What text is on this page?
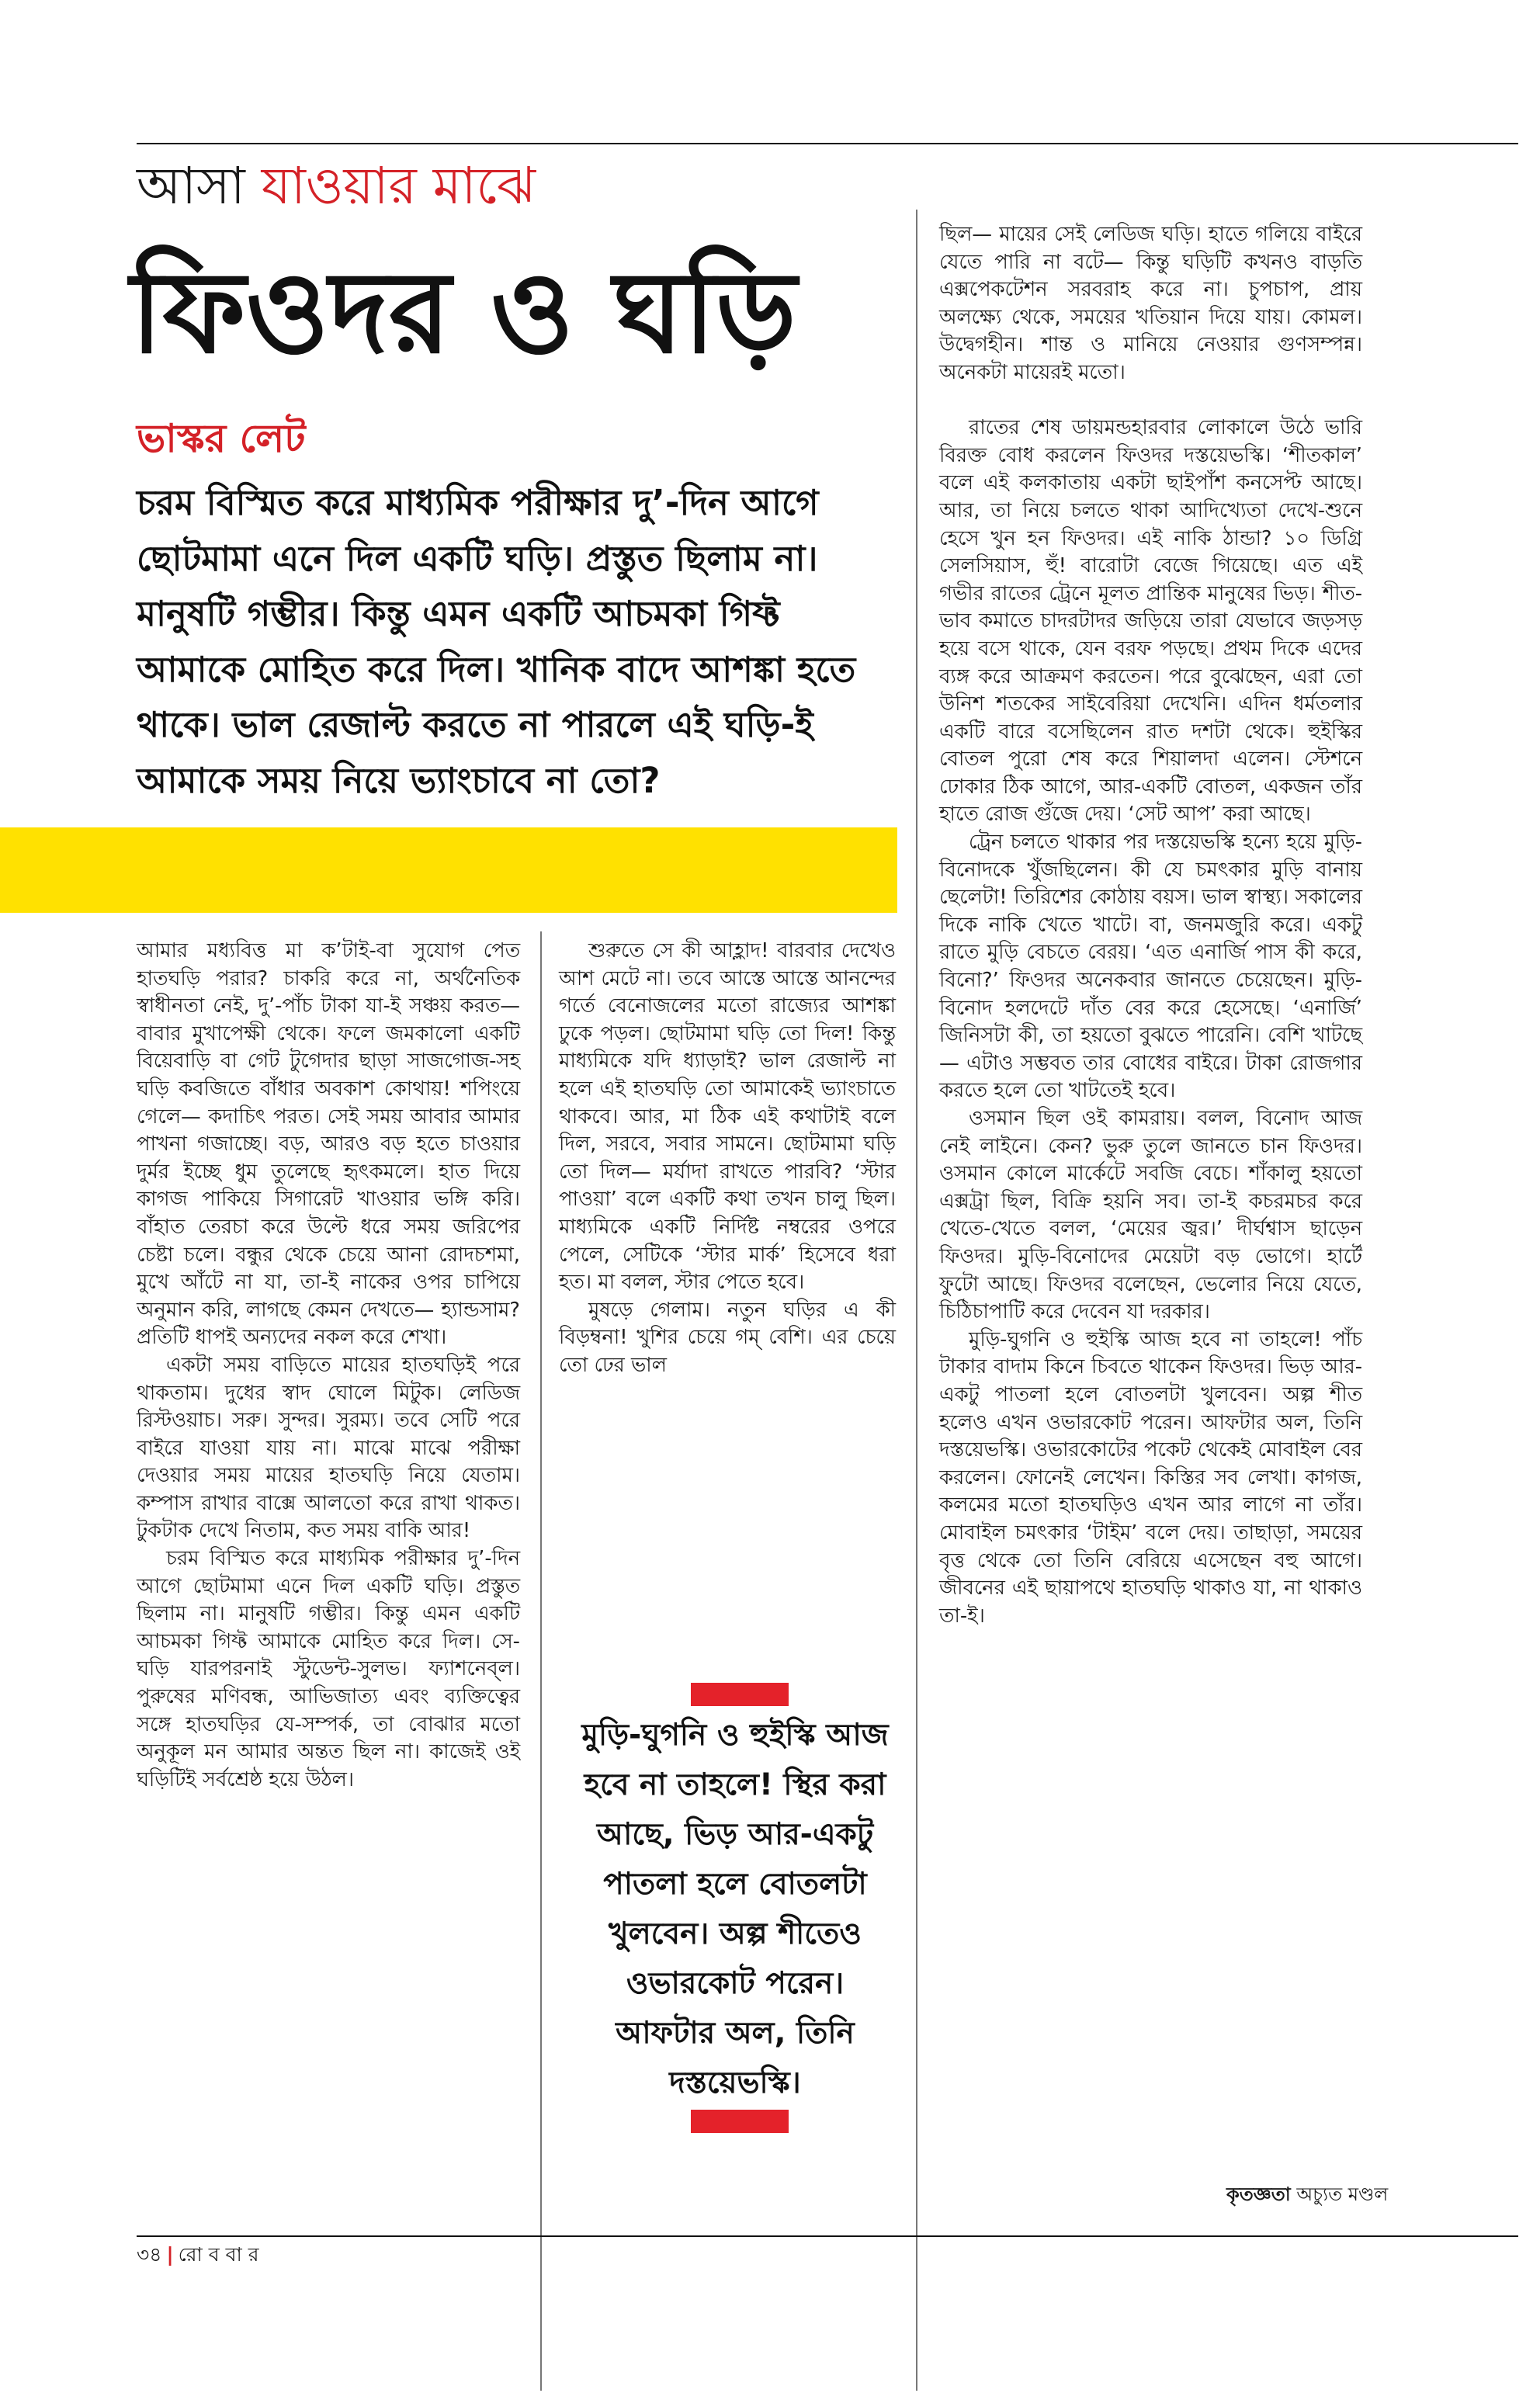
আসা যাওয়ার মাঝে
ফিওদর ও ঘড়ি
ভাস্কর লেট
চরম বিস্মিত করে মাধ্যমিক পরীক্ষার দু’-দিন আগে ছোটমামা এনে দিল একটি ঘড়ি। প্রস্তুত ছিলাম না। মানুষটি গম্ভীর। কিন্তু এমন একটি আচমকা গিফ্ট আমাকে মোহিত করে দিল। খানিক বাদে আশঙ্কা হতে থাকে। ভাল রেজাল্ট করতে না পারলে এই ঘড়ি-ই আমাকে সময় নিয়ে ভ্যাংচাবে না তো?

আমার মধ্যবিত্ত মা ক’টাই-বা সুযোগ পেত হাতঘড়ি পরার? চাকরি করে না, অর্থনৈতিক স্বাধীনতা নেই, দু’-পাঁচ টাকা যা-ই সঞ্চয় করত— বাবার মুখাপেক্ষী থেকে। ফলে জমকালো একটি বিয়েবাড়ি বা গেট টুগেদার ছাড়া সাজগোজ-সহ ঘড়ি কবজিতে বাঁধার অবকাশ কোথায়! শপিংয়ে গেলে— কদাচিৎ পরত। সেই সময় আবার আমার পাখনা গজাচ্ছে। বড়, আরও বড় হতে চাওয়ার দুর্মর ইচ্ছে ধুম তুলেছে হৃৎকমলে। হাত দিয়ে কাগজ পাকিয়ে সিগারেট খাওয়ার ভঙ্গি করি। বাঁহাত তেরচা করে উল্টে ধরে সময় জরিপের চেষ্টা চলে। বন্ধুর থেকে চেয়ে আনা রোদচশমা, মুখে আঁটে না যা, তা-ই নাকের ওপর চাপিয়ে অনুমান করি, লাগছে কেমন দেখতে— হ্যান্ডসাম? প্রতিটি ধাপই অন্যদের নকল করে শেখা।

একটা সময় বাড়িতে মায়ের হাতঘড়িই পরে থাকতাম। দুধের স্বাদ ঘোলে মিটুক। লেডিজ রিস্টওয়াচ। সরু। সুন্দর। সুরম্য। তবে সেটি পরে বাইরে যাওয়া যায় না। মাঝে মাঝে পরীক্ষা দেওয়ার সময় মায়ের হাতঘড়ি নিয়ে যেতাম। কম্পাস রাখার বাক্সে আলতো করে রাখা থাকত। টুকটাক দেখে নিতাম, কত সময় বাকি আর!

চরম বিস্মিত করে মাধ্যমিক পরীক্ষার দু’-দিন আগে ছোটমামা এনে দিল একটি ঘড়ি। প্রস্তুত ছিলাম না। মানুষটি গম্ভীর। কিন্তু এমন একটি আচমকা গিফ্ট আমাকে মোহিত করে দিল। সে-ঘড়ি যারপরনাই স্টুডেন্ট-সুলভ। ফ্যাশনেব্‌ল। পুরুষের মণিবন্ধ, আভিজাত্য এবং ব্যক্তিত্বের সঙ্গে হাতঘড়ির যে-সম্পর্ক, তা বোঝার মতো অনুকূল মন আমার অন্তত ছিল না। কাজেই ওই ঘড়িটিই সর্বশ্রেষ্ঠ হয়ে উঠল।

শুরুতে সে কী আহ্লাদ! বারবার দেখেও আশ মেটে না। তবে আস্তে আস্তে আনন্দের গর্তে বেনোজলের মতো রাজ্যের আশঙ্কা ঢুকে পড়ল। ছোটমামা ঘড়ি তো দিল! কিন্তু মাধ্যমিকে যদি ধ্যাড়াই? ভাল রেজাল্ট না হলে এই হাতঘড়ি তো আমাকেই ভ্যাংচাতে থাকবে। আর, মা ঠিক এই কথাটাই বলে দিল, সরবে, সবার সামনে। ছোটমামা ঘড়ি তো দিল— মর্যাদা রাখতে পারবি? ‘স্টার পাওয়া’ বলে একটি কথা তখন চালু ছিল। মাধ্যমিকে একটি নির্দিষ্ট নম্বরের ওপরে পেলে, সেটিকে ‘স্টার মার্ক’ হিসেবে ধরা হত। মা বলল, স্টার পেতে হবে।

মুষড়ে গেলাম। নতুন ঘড়ির এ কী বিড়ম্বনা! খুশির চেয়ে গম্ বেশি। এর চেয়ে তো ঢের ভাল

মুড়ি-ঘুগনি ও হুইস্কি আজ হবে না তাহলে! স্থির করা আছে, ভিড় আর-একটু পাতলা হলে বোতলটা খুলবেন। অল্প শীতেও ওভারকোট পরেন। আফটার অল, তিনি দস্তয়েভস্কি।

ছিল— মায়ের সেই লেডিজ ঘড়ি। হাতে গলিয়ে বাইরে যেতে পারি না বটে— কিন্তু ঘড়িটি কখনও বাড়তি এক্সপেকটেশন সরবরাহ করে না। চুপচাপ, প্রায় অলক্ষ্যে থেকে, সময়ের খতিয়ান দিয়ে যায়। কোমল। উদ্বেগহীন। শান্ত ও মানিয়ে নেওয়ার গুণসম্পন্ন। অনেকটা মায়েরই মতো।

রাতের শেষ ডায়মন্ডহারবার লোকালে উঠে ভারি বিরক্ত বোধ করলেন ফিওদর দস্তয়েভস্কি। ‘শীতকাল’ বলে এই কলকাতায় একটা ছাইপাঁশ কনসেপ্ট আছে। আর, তা নিয়ে চলতে থাকা আদিখ্যেতা দেখে-শুনে হেসে খুন হন ফিওদর। এই নাকি ঠান্ডা? ১০ ডিগ্রি সেলসিয়াস, হুঁ! বারোটা বেজে গিয়েছে। এত এই গভীর রাতের ট্রেনে মূলত প্রান্তিক মানুষের ভিড়। শীত-ভাব কমাতে চাদরটাদর জড়িয়ে তারা যেভাবে জড়সড় হয়ে বসে থাকে, যেন বরফ পড়ছে। প্রথম দিকে এদের ব্যঙ্গ করে আক্রমণ করতেন। পরে বুঝেছেন, এরা তো উনিশ শতকের সাইবেরিয়া দেখেনি। এদিন ধর্মতলার একটি বারে বসেছিলেন রাত দশটা থেকে। হুইস্কির বোতল পুরো শেষ করে শিয়ালদা এলেন। স্টেশনে ঢোকার ঠিক আগে, আর-একটি বোতল, একজন তাঁর হাতে রোজ গুঁজে দেয়। ‘সেট আপ’ করা আছে।

ট্রেন চলতে থাকার পর দস্তয়েভস্কি হন্যে হয়ে মুড়ি-বিনোদকে খুঁজছিলেন। কী যে চমৎকার মুড়ি বানায় ছেলেটা! তিরিশের কোঠায় বয়স। ভাল স্বাস্থ্য। সকালের দিকে নাকি খেতে খাটে। বা, জনমজুরি করে। একটু রাতে মুড়ি বেচতে বেরয়। ‘এত এনার্জি পাস কী করে, বিনো?’ ফিওদর অনেকবার জানতে চেয়েছেন। মুড়ি-বিনোদ হলদেটে দাঁত বের করে হেসেছে। ‘এনার্জি’ জিনিসটা কী, তা হয়তো বুঝতে পারেনি। বেশি খাটছে— এটাও সম্ভবত তার বোধের বাইরে। টাকা রোজগার করতে হলে তো খাটতেই হবে।

ওসমান ছিল ওই কামরায়। বলল, বিনোদ আজ নেই লাইনে। কেন? ভুরু তুলে জানতে চান ফিওদর। ওসমান কোলে মার্কেটে সবজি বেচে। শাঁকালু হয়তো এক্সট্রা ছিল, বিক্রি হয়নি সব। তা-ই কচরমচর করে খেতে-খেতে বলল, ‘মেয়ের জ্বর।’ দীর্ঘশ্বাস ছাড়েন ফিওদর। মুড়ি-বিনোদের মেয়েটা বড় ভোগে। হার্টে ফুটো আছে। ফিওদর বলেছেন, ভেলোর নিয়ে যেতে, চিঠিচাপাটি করে দেবেন যা দরকার।

মুড়ি-ঘুগনি ও হুইস্কি আজ হবে না তাহলে! পাঁচ টাকার বাদাম কিনে চিবতে থাকেন ফিওদর। ভিড় আর-একটু পাতলা হলে বোতলটা খুলবেন। অল্প শীত হলেও এখন ওভারকোট পরেন। আফটার অল, তিনি দস্তয়েভস্কি। ওভারকোটের পকেট থেকেই মোবাইল বের করলেন। ফোনেই লেখেন। কিস্তির সব লেখা। কাগজ, কলমের মতো হাতঘড়িও এখন আর লাগে না তাঁর। মোবাইল চমৎকার ‘টাইম’ বলে দেয়। তাছাড়া, সময়ের বৃত্ত থেকে তো তিনি বেরিয়ে এসেছেন বহু আগে। জীবনের এই ছায়াপথে হাতঘড়ি থাকাও যা, না থাকাও তা-ই।

কৃতজ্ঞতা অচ্যুত মণ্ডল
৩৪ | রো ব বা র
